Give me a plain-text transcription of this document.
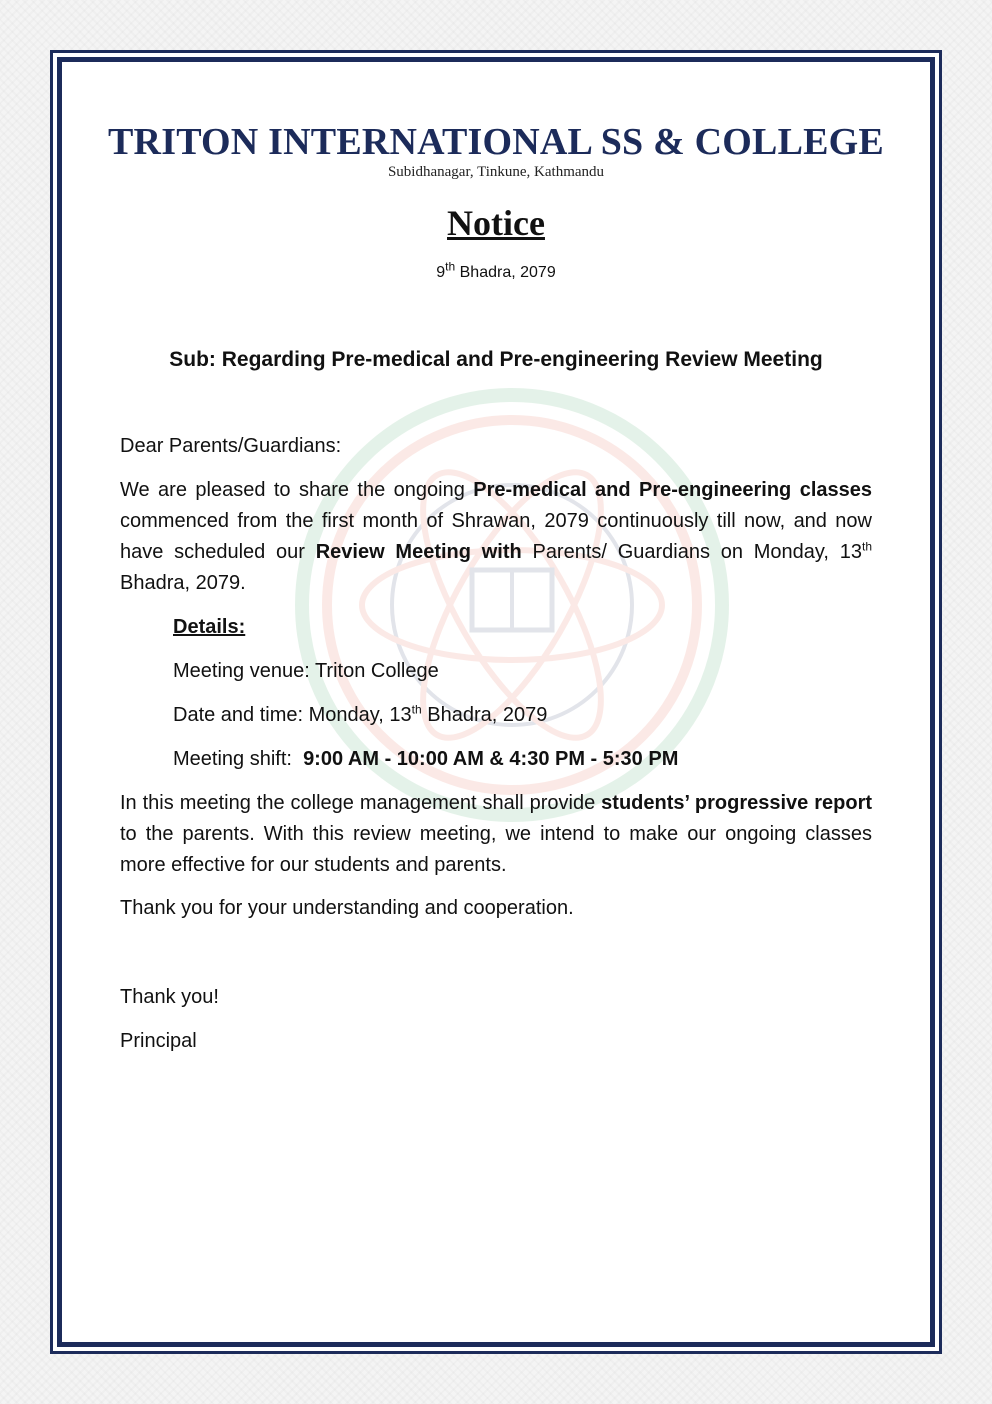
TRITON INTERNATIONAL SS & COLLEGE
Subidhanagar, Tinkune, Kathmandu
Notice
9th Bhadra, 2079
Sub: Regarding Pre-medical and Pre-engineering Review Meeting

Dear Parents/Guardians:

We are pleased to share the ongoing Pre-medical and Pre-engineering classes commenced from the first month of Shrawan, 2079 continuously till now, and now have scheduled our Review Meeting with Parents/ Guardians on Monday, 13th Bhadra, 2079.

Details:

Meeting venue: Triton College

Date and time: Monday, 13th Bhadra, 2079

Meeting shift:  9:00 AM - 10:00 AM & 4:30 PM - 5:30 PM

In this meeting the college management shall provide students’ progressive report to the parents. With this review meeting, we intend to make our ongoing classes more effective for our students and parents.

Thank you for your understanding and cooperation.

Thank you!

Principal
